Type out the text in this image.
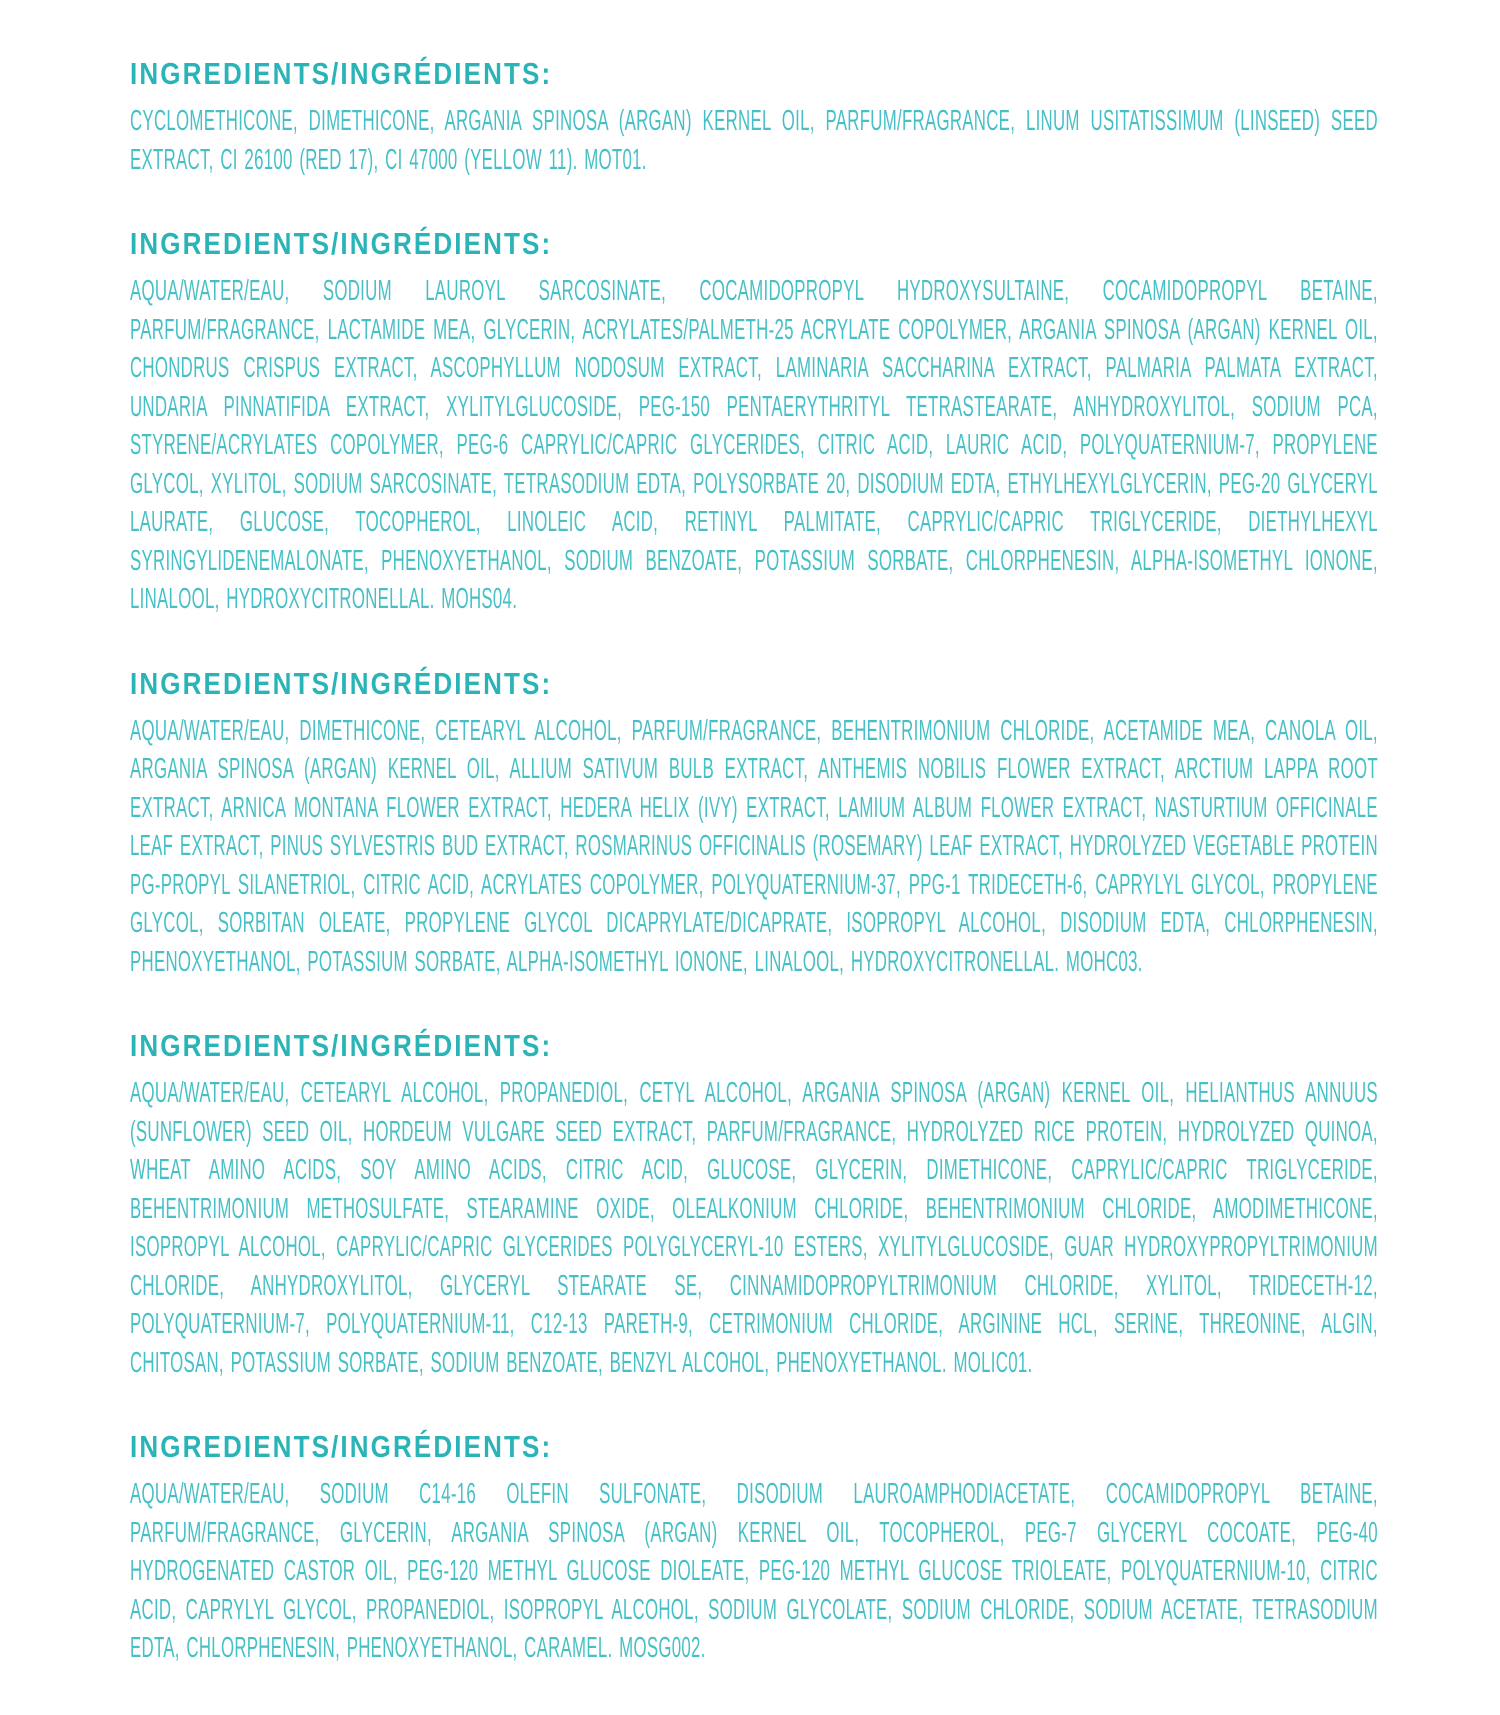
INGREDIENTS/INGRÉDIENTS:

CYCLOMETHICONE, DIMETHICONE, ARGANIA SPINOSA (ARGAN) KERNEL OIL, PARFUM/FRAGRANCE, LINUM USITATISSIMUM (LINSEED) SEED EXTRACT, CI 26100 (RED 17), CI 47000 (YELLOW 11). MOT01.

INGREDIENTS/INGRÉDIENTS:

AQUA/WATER/EAU, SODIUM LAUROYL SARCOSINATE, COCAMIDOPROPYL HYDROXYSULTAINE, COCAMIDOPROPYL BETAINE, PARFUM/FRAGRANCE, LACTAMIDE MEA, GLYCERIN, ACRYLATES/PALMETH-25 ACRYLATE COPOLYMER, ARGANIA SPINOSA (ARGAN) KERNEL OIL, CHONDRUS CRISPUS EXTRACT, ASCOPHYLLUM NODOSUM EXTRACT, LAMINARIA SACCHARINA EXTRACT, PALMARIA PALMATA EXTRACT, UNDARIA PINNATIFIDA EXTRACT, XYLITYLGLUCOSIDE, PEG-150 PENTAERYTHRITYL TETRASTEARATE, ANHYDROXYLITOL, SODIUM PCA, STYRENE/ACRYLATES COPOLYMER, PEG-6 CAPRYLIC/CAPRIC GLYCERIDES, CITRIC ACID, LAURIC ACID, POLYQUATERNIUM-7, PROPYLENE GLYCOL, XYLITOL, SODIUM SARCOSINATE, TETRASODIUM EDTA, POLYSORBATE 20, DISODIUM EDTA, ETHYLHEXYLGLYCERIN, PEG-20 GLYCERYL LAURATE, GLUCOSE, TOCOPHEROL, LINOLEIC ACID, RETINYL PALMITATE, CAPRYLIC/CAPRIC TRIGLYCERIDE, DIETHYLHEXYL SYRINGYLIDENEMALONATE, PHENOXYETHANOL, SODIUM BENZOATE, POTASSIUM SORBATE, CHLORPHENESIN, ALPHA-ISOMETHYL IONONE, LINALOOL, HYDROXYCITRONELLAL. MOHS04.

INGREDIENTS/INGRÉDIENTS:

AQUA/WATER/EAU, DIMETHICONE, CETEARYL ALCOHOL, PARFUM/FRAGRANCE, BEHENTRIMONIUM CHLORIDE, ACETAMIDE MEA, CANOLA OIL, ARGANIA SPINOSA (ARGAN) KERNEL OIL, ALLIUM SATIVUM BULB EXTRACT, ANTHEMIS NOBILIS FLOWER EXTRACT, ARCTIUM LAPPA ROOT EXTRACT, ARNICA MONTANA FLOWER EXTRACT, HEDERA HELIX (IVY) EXTRACT, LAMIUM ALBUM FLOWER EXTRACT, NASTURTIUM OFFICINALE LEAF EXTRACT, PINUS SYLVESTRIS BUD EXTRACT, ROSMARINUS OFFICINALIS (ROSEMARY) LEAF EXTRACT, HYDROLYZED VEGETABLE PROTEIN PG-PROPYL SILANETRIOL, CITRIC ACID, ACRYLATES COPOLYMER, POLYQUATERNIUM-37, PPG-1 TRIDECETH-6, CAPRYLYL GLYCOL, PROPYLENE GLYCOL, SORBITAN OLEATE, PROPYLENE GLYCOL DICAPRYLATE/DICAPRATE, ISOPROPYL ALCOHOL, DISODIUM EDTA, CHLORPHENESIN, PHENOXYETHANOL, POTASSIUM SORBATE, ALPHA-ISOMETHYL IONONE, LINALOOL, HYDROXYCITRONELLAL. MOHC03.

INGREDIENTS/INGRÉDIENTS:

AQUA/WATER/EAU, CETEARYL ALCOHOL, PROPANEDIOL, CETYL ALCOHOL, ARGANIA SPINOSA (ARGAN) KERNEL OIL, HELIANTHUS ANNUUS (SUNFLOWER) SEED OIL, HORDEUM VULGARE SEED EXTRACT, PARFUM/FRAGRANCE, HYDROLYZED RICE PROTEIN, HYDROLYZED QUINOA, WHEAT AMINO ACIDS, SOY AMINO ACIDS, CITRIC ACID, GLUCOSE, GLYCERIN, DIMETHICONE, CAPRYLIC/CAPRIC TRIGLYCERIDE, BEHENTRIMONIUM METHOSULFATE, STEARAMINE OXIDE, OLEALKONIUM CHLORIDE, BEHENTRIMONIUM CHLORIDE, AMODIMETHICONE, ISOPROPYL ALCOHOL, CAPRYLIC/CAPRIC GLYCERIDES POLYGLYCERYL-10 ESTERS, XYLITYLGLUCOSIDE, GUAR HYDROXYPROPYLTRIMONIUM CHLORIDE, ANHYDROXYLITOL, GLYCERYL STEARATE SE, CINNAMIDOPROPYLTRIMONIUM CHLORIDE, XYLITOL, TRIDECETH-12, POLYQUATERNIUM-7, POLYQUATERNIUM-11, C12-13 PARETH-9, CETRIMONIUM CHLORIDE, ARGININE HCL, SERINE, THREONINE, ALGIN, CHITOSAN, POTASSIUM SORBATE, SODIUM BENZOATE, BENZYL ALCOHOL, PHENOXYETHANOL. MOLIC01.

INGREDIENTS/INGRÉDIENTS:

AQUA/WATER/EAU, SODIUM C14-16 OLEFIN SULFONATE, DISODIUM LAUROAMPHODIACETATE, COCAMIDOPROPYL BETAINE, PARFUM/FRAGRANCE, GLYCERIN, ARGANIA SPINOSA (ARGAN) KERNEL OIL, TOCOPHEROL, PEG-7 GLYCERYL COCOATE, PEG-40 HYDROGENATED CASTOR OIL, PEG-120 METHYL GLUCOSE DIOLEATE, PEG-120 METHYL GLUCOSE TRIOLEATE, POLYQUATERNIUM-10, CITRIC ACID, CAPRYLYL GLYCOL, PROPANEDIOL, ISOPROPYL ALCOHOL, SODIUM GLYCOLATE, SODIUM CHLORIDE, SODIUM ACETATE, TETRASODIUM EDTA, CHLORPHENESIN, PHENOXYETHANOL, CARAMEL. MOSG002.
